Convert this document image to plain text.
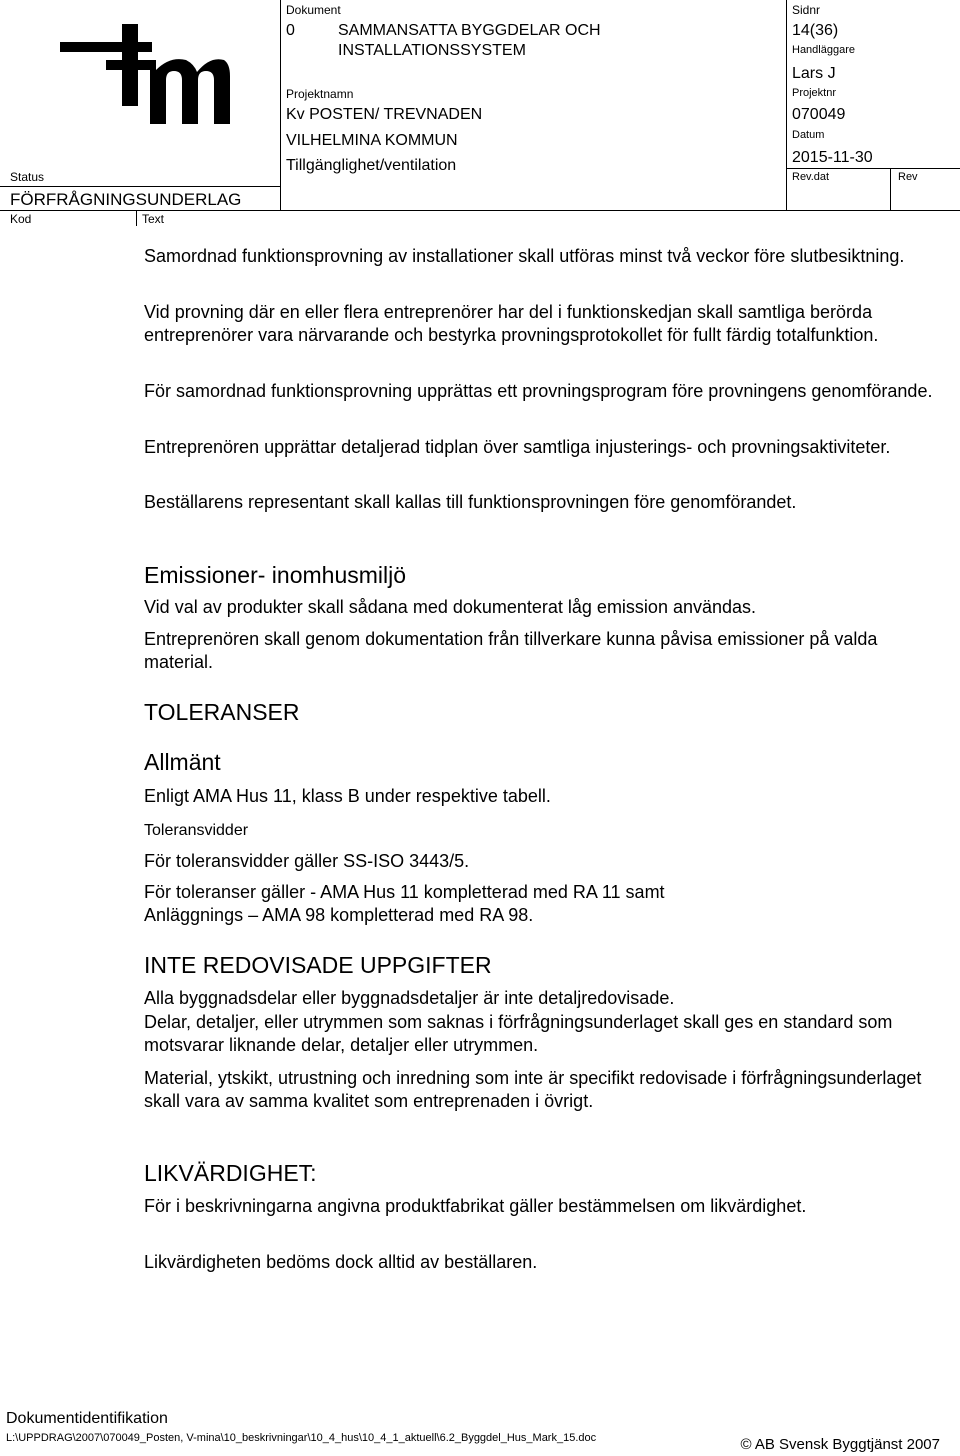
Status
FÖRFRÅGNINGSUNDERLAG
Kod	Text
Dokument
0	SAMMANSATTA BYGGDELAR OCH
INSTALLATIONSSYSTEM
Projektnamn
Kv POSTEN/ TREVNADEN
VILHELMINA KOMMUN
Tillgänglighet/ventilation
Sidnr
14(36)
Handläggare
Lars J
Projektnr
070049
Datum
2015-11-30
Rev.dat	Rev

Samordnad funktionsprovning av installationer skall utföras minst två veckor före slutbesiktning.

Vid provning där en eller flera entreprenörer har del i funktionskedjan skall samtliga berörda entreprenörer vara närvarande och bestyrka provningsprotokollet för fullt färdig totalfunktion.

För samordnad funktionsprovning upprättas ett provningsprogram före provningens genomförande.

Entreprenören upprättar detaljerad tidplan över samtliga injusterings- och provningsaktiviteter.

Beställarens representant skall kallas till funktionsprovningen före genomförandet.

Emissioner- inomhusmiljö

Vid val av produkter skall sådana med dokumenterat låg emission användas.

Entreprenören skall genom dokumentation från tillverkare kunna påvisa emissioner på valda material.

TOLERANSER

Allmänt

Enligt AMA Hus 11, klass B under respektive tabell.

Toleransvidder

För toleransvidder gäller SS-ISO 3443/5.

För toleranser gäller - AMA Hus 11 kompletterad med RA 11 samt

Anläggnings – AMA 98 kompletterad med RA 98.

INTE REDOVISADE UPPGIFTER

Alla byggnadsdelar eller byggnadsdetaljer är inte detaljredovisade.

Delar, detaljer, eller utrymmen som saknas i förfrågningsunderlaget skall ges en standard som motsvarar liknande delar, detaljer eller utrymmen.

Material, ytskikt, utrustning och inredning som inte är specifikt redovisade i förfrågningsunderlaget skall vara av samma kvalitet som entreprenaden i övrigt.

LIKVÄRDIGHET:

För i beskrivningarna angivna produktfabrikat gäller bestämmelsen om likvärdighet.

Likvärdigheten bedöms dock alltid av beställaren.

Dokumentidentifikation
L:\UPPDRAG\2007\070049_Posten, V-mina\10_beskrivningar\10_4_hus\10_4_1_aktuell\6.2_Byggdel_Hus_Mark_15.doc	© AB Svensk Byggtjänst 2007
